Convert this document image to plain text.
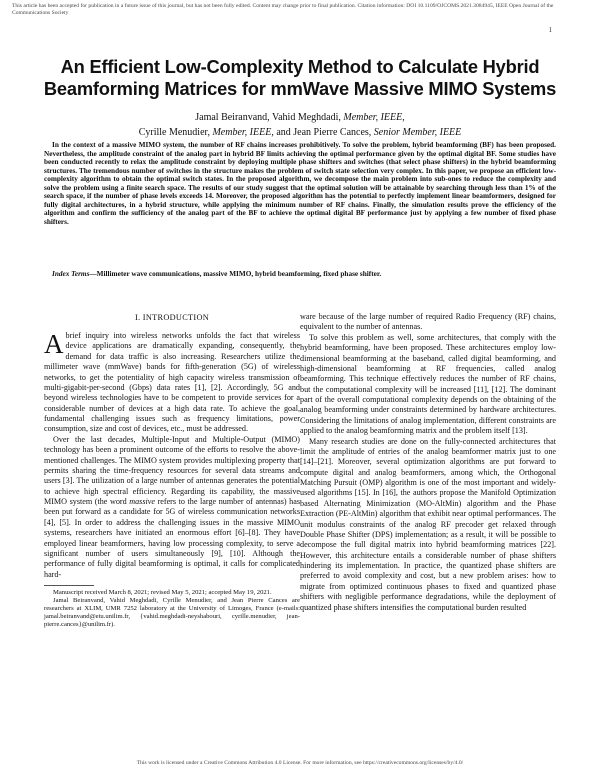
This article has been accepted for publication in a future issue of this journal, but has not been fully edited. Content may change prior to final publication. Citation information: DOI 10.1109/OJCOMS.2021.3084945, IEEE Open Journal of the Communications Society
1
An Efficient Low-Complexity Method to Calculate Hybrid Beamforming Matrices for mmWave Massive MIMO Systems
Jamal Beiranvand, Vahid Meghdadi, Member, IEEE,
Cyrille Menudier, Member, IEEE, and Jean Pierre Cances, Senior Member, IEEE
In the context of a massive MIMO system, the number of RF chains increases prohibitively. To solve the problem, hybrid beamforming (BF) has been proposed. Nevertheless, the amplitude constraint of the analog part in hybrid BF limits achieving the optimal performance given by the optimal digital BF. Some studies have been conducted recently to relax the amplitude constraint by deploying multiple phase shifters and switches (that select phase shifters) in the hybrid beamforming structures. The tremendous number of switches in the structure makes the problem of switch state selection very complex. In this paper, we propose an efficient low-complexity algorithm to obtain the optimal switch states. In the proposed algorithm, we decompose the main problem into sub-ones to reduce the complexity and solve the problem using a finite search space. The results of our study suggest that the optimal solution will be attainable by searching through less than 1% of the search space, if the number of phase levels exceeds 14. Moreover, the proposed algorithm has the potential to perfectly implement linear beamformers, designed for fully digital architectures, in a hybrid structure, while applying the minimum number of RF chains. Finally, the simulation results prove the efficiency of the algorithm and confirm the sufficiency of the analog part of the BF to achieve the optimal digital BF performance just by applying a few number of fixed phase shifters.
Index Terms—Millimeter wave communications, massive MIMO, hybrid beamforming, fixed phase shifter.
I. INTRODUCTION

Abrief inquiry into wireless networks unfolds the fact that wireless device applications are dramatically expanding, consequently, the demand for data traffic is also increasing. Researchers utilize the millimeter wave (mmWave) bands for fifth-generation (5G) of wireless networks, to get the potentiality of high capacity wireless transmission of multi-gigabit-per-second (Gbps) data rates [1], [2]. Accordingly, 5G and beyond wireless technologies have to be competent to provide services for a considerable number of devices at a high data rate. To achieve the goal, fundamental challenging issues such as frequency limitations, power consumption, size and cost of devices, etc., must be addressed.

Over the last decades, Multiple-Input and Multiple-Output (MIMO) technology has been a prominent outcome of the efforts to resolve the above-mentioned challenges. The MIMO system provides multiplexing property that permits sharing the time-frequency resources for several data streams and users [3]. The utilization of a large number of antennas generates the potential to achieve high spectral efficiency. Regarding its capability, the massive MIMO system (the word massive refers to the large number of antennas) has been put forward as a candidate for 5G of wireless communication networks [4], [5]. In order to address the challenging issues in the massive MIMO systems, researchers have initiated an enormous effort [6]–[8]. They have employed linear beamformers, having low processing complexity, to serve a significant number of users simultaneously [9], [10]. Although the performance of fully digital beamforming is optimal, it calls for complicated hard-

Manuscript received March 8, 2021; revised May 5, 2021; accepted May 19, 2021.

Jamal Beiranvand, Vahid Meghdadi, Cyrille Menudier, and Jean Pierre Cances are researchers at XLIM, UMR 7252 laboratory at the University of Limoges, France (e-mails: jamal.beiranvand@etu.unilim.fr, {vahid.meghdadi-neyshabouri, cyrille.menudier, jean-pierre.cances}@unilim.fr).

ware because of the large number of required Radio Frequency (RF) chains, equivalent to the number of antennas.

To solve this problem as well, some architectures, that comply with the hybrid beamforming, have been proposed. These architectures employ low-dimensional beamforming at the baseband, called digital beamforming, and high-dimensional beamforming at RF frequencies, called analog beamforming. This technique effectively reduces the number of RF chains, but the computational complexity will be increased [11], [12]. The dominant part of the overall computational complexity depends on the obtaining of the analog beamforming under constraints determined by hardware architectures. Considering the limitations of analog implementation, different constraints are applied to the analog beamforming matrix and the problem itself [13].

Many research studies are done on the fully-connected architectures that limit the amplitude of entries of the analog beamformer matrix just to one [14]–[21]. Moreover, several optimization algorithms are put forward to compute digital and analog beamformers, among which, the Orthogonal Matching Pursuit (OMP) algorithm is one of the most important and widely-used algorithms [15]. In [16], the authors propose the Manifold Optimization based Alternating Minimization (MO-AltMin) algorithm and the Phase Extraction (PE-AltMin) algorithm that exhibit near optimal performances. The unit modulus constraints of the analog RF precoder get relaxed through Double Phase Shifter (DPS) implementation; as a result, it will be possible to decompose the full digital matrix into hybrid beamforming matrices [22]. However, this architecture entails a considerable number of phase shifters hindering its implementation. In practice, the quantized phase shifters are preferred to avoid complexity and cost, but a new problem arises: how to migrate from optimized continuous phases to fixed and quantized phase shifters with negligible performance degradations, while the deployment of quantized phase shifters intensifies the computational burden resulted

This work is licensed under a Creative Commons Attribution 4.0 License. For more information, see https://creativecommons.org/licenses/by/4.0/
